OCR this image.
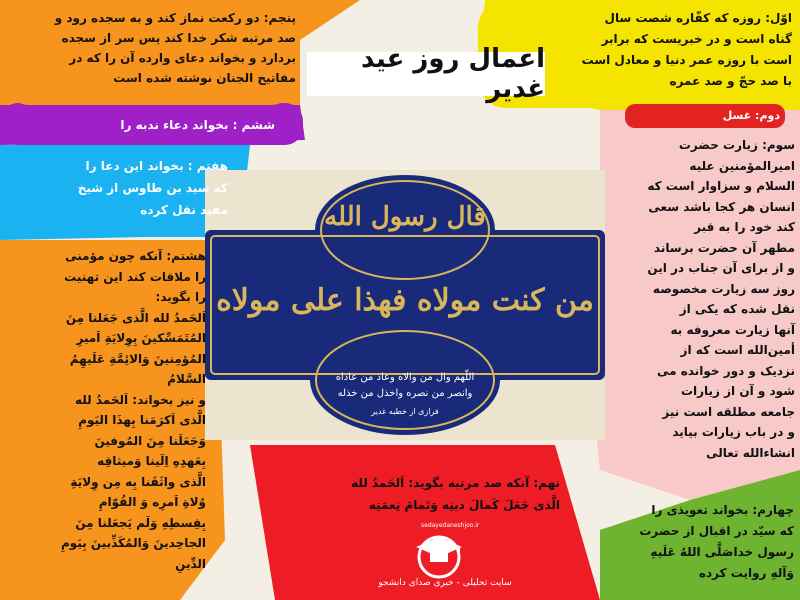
قال رسول الله
من کنت مولاه فهذا علی مولاه
اللّهم وال من والاه وعاد من عاداه
وانصر من نصره واخذل من خذله
فرازی از خطبه غدیر
اعمال روز عید غدیر
اوّل: روزه که کفّاره شصت سال
گناه است و در خبریست که برابر
است با روزه عمر دنیا و معادل است
با صد حجّ و صد عمره
دوم: غسل
سوم: زیارت حضرت
امیرالمؤمنین علیه
السلام و سزاوار است که
انسان هر کجا باشد سعی
کند خود را به قبر
مطهر آن حضرت برساند
و از برای آن جناب در این
روز سه زیارت مخصوصه
نقل شده که یکی از
آنها زیارت معروفه به
أمین‌الله است که از
نزدیک و دور خوانده می
شود و آن از زیارات
جامعه مطلقه است نیز
و در باب زیارات بیاید
انشاءالله تعالی
چهارم: بخواند تعویذی را
که سیّد در اقبال از حضرت
رسول خداصَلَّی اللهُ عَلَیهِ
وَآلهِ روایت کرده
پنجم: دو رکعت نماز کند و به سجده رود و
صد مرتبه شکر خدا کند پس سر از سجده
بردارد و بخواند دعای وارده آن را که در
مفاتیح الجنان نوشته شده است
ششم : بخواند دعاء ندبه را
هفتم : بخواند این دعا را
که سید بن طاوس از شیخ
مفید نقل کرده
هشتم: آنکه چون مؤمنی
را ملاقات کند این تهنیت
را بگوید:
اَلحَمدُ لله الَّذی جَعَلنا مِنَ
المُتَمَسِّکینَ بِوِلایَةِ اَمیرِ
المُؤمِنینَ وَالائِمَّةِ عَلَیهِمُ
السَّلامُ
و نیز بخواند: اَلحَمدُ لله
الَّذی اَکرَمَنا بِهذَا الیَومِ
وَجَعَلَنا مِنَ المُوفینَ
بِعَهدِهِ اِلَینا وَمیثاقِه
الَّذی واثَقَنا بِه مِن وِلایَةِ
وُلاةِ اَمرِه وَ القُوّامِ
بِقِسطِهِ وَلَم یَجعَلنا مِنَ
الجاحِدینَ وَالمُکَذِّبینَ بِیَومِ
الدِّینِ
نهم: آنکه صد مرتبه بگوید: اَلحَمدُ لله
الَّذی جَعَلَ کَمالَ دینِه وَتَمامَ نِعمَتِه
sedayedaneshjoo.ir
سایت تحلیلی - خبری صدای دانشجو
